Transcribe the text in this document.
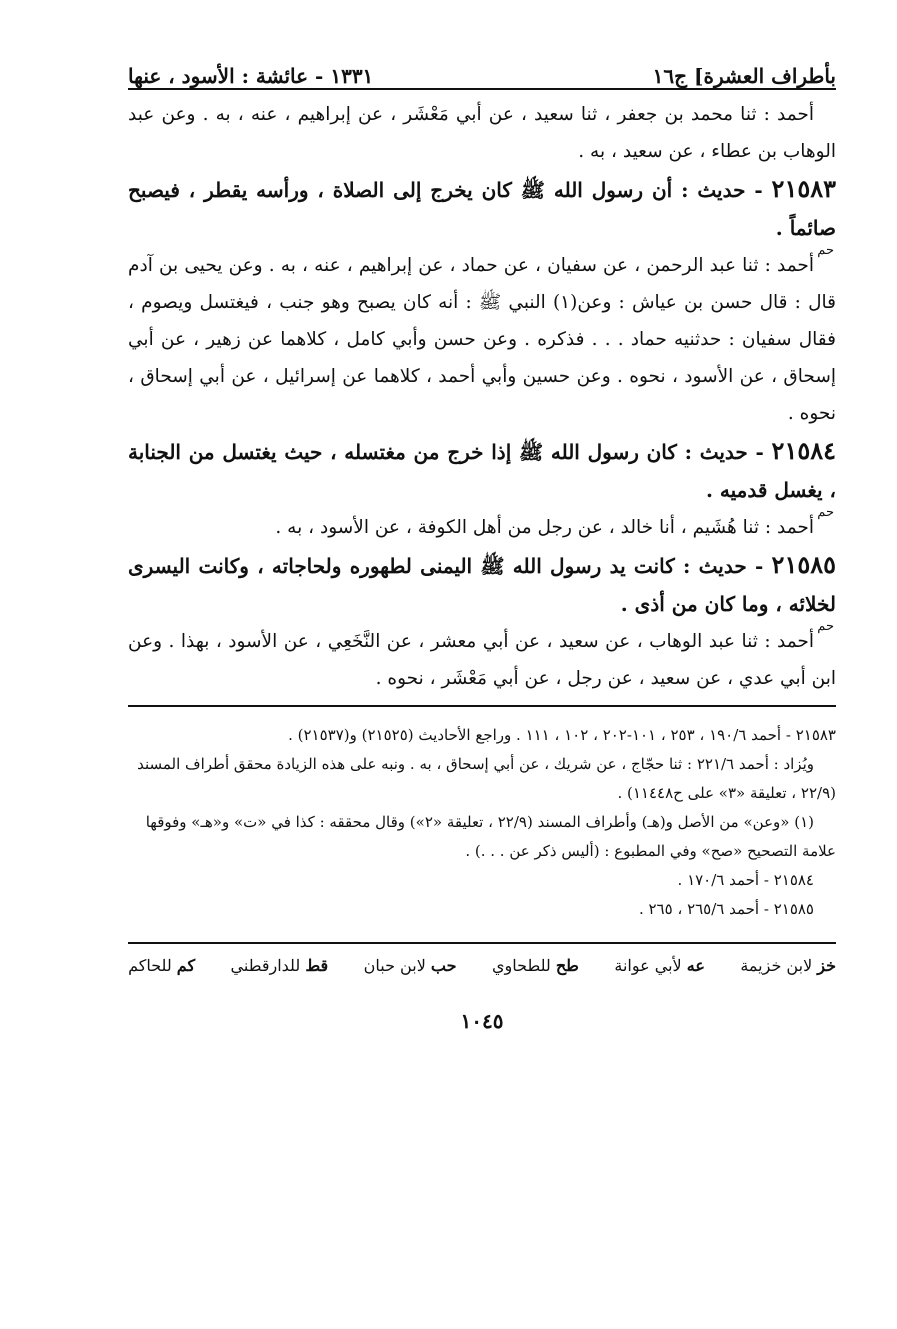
بأطراف العشرة] ج١٦
١٣٣١ - عائشة : الأسود ، عنها

أحمد : ثنا محمد بن جعفر ، ثنا سعيد ، عن أبي مَعْشَر ، عن إبراهيم ، عنه ، به . وعن عبد الوهاب بن عطاء ، عن سعيد ، به .

٢١٥٨٣ - حديث : أن رسول الله ﷺ كان يخرج إلى الصلاة ، ورأسه يقطر ، فيصبح صائماً .
حم

أحمد : ثنا عبد الرحمن ، عن سفيان ، عن حماد ، عن إبراهيم ، عنه ، به . وعن يحيى بن آدم قال : قال حسن بن عياش : وعن(١) النبي ﷺ : أنه كان يصبح وهو جنب ، فيغتسل ويصوم ، فقال سفيان : حدثنيه حماد . . . فذكره . وعن حسن وأبي كامل ، كلاهما عن زهير ، عن أبي إسحاق ، عن الأسود ، نحوه . وعن حسين وأبي أحمد ، كلاهما عن إسرائيل ، عن أبي إسحاق ، نحوه .

٢١٥٨٤ - حديث : كان رسول الله ﷺ إذا خرج من مغتسله ، حيث يغتسل من الجنابة ، يغسل قدميه .
حم

أحمد : ثنا هُشَيم ، أنا خالد ، عن رجل من أهل الكوفة ، عن الأسود ، به .

٢١٥٨٥ - حديث : كانت يد رسول الله ﷺ اليمنى لطهوره ولحاجاته ، وكانت اليسرى لخلائه ، وما كان من أذى .
حم

أحمد : ثنا عبد الوهاب ، عن سعيد ، عن أبي معشر ، عن النَّخَعِي ، عن الأسود ، بهذا . وعن ابن أبي عدي ، عن سعيد ، عن رجل ، عن أبي مَعْشَر ، نحوه .

٢١٥٨٣ - أحمد ١٩٠/٦ ، ٢٥٣ ، ١٠١-٢٠٢ ، ١٠٢ ، ١١١ . وراجع الأحاديث (٢١٥٢٥) و(٢١٥٣٧) .

ويُزاد : أحمد ٢٢١/٦ : ثنا حجّاج ، عن شريك ، عن أبي إسحاق ، به . ونبه على هذه الزيادة محقق أطراف المسند (٢٢/٩ ، تعليقة «٣» على ح١١٤٤٨) .

(١) «وعن» من الأصل و(هـ) وأطراف المسند (٢٢/٩ ، تعليقة «٢») وقال محققه : كذا في «ت» و«هـ» وفوقها علامة التصحيح «صح» وفي المطبوع : (أليس ذكر عن . . .) .

٢١٥٨٤ - أحمد ١٧٠/٦ .

٢١٥٨٥ - أحمد ٢٦٥/٦ ، ٢٦٥ .

خز لابن خزيمة
عه لأبي عوانة
طح للطحاوي
حب لابن حبان
قط للدارقطني
كم للحاكم
١٠٤٥
